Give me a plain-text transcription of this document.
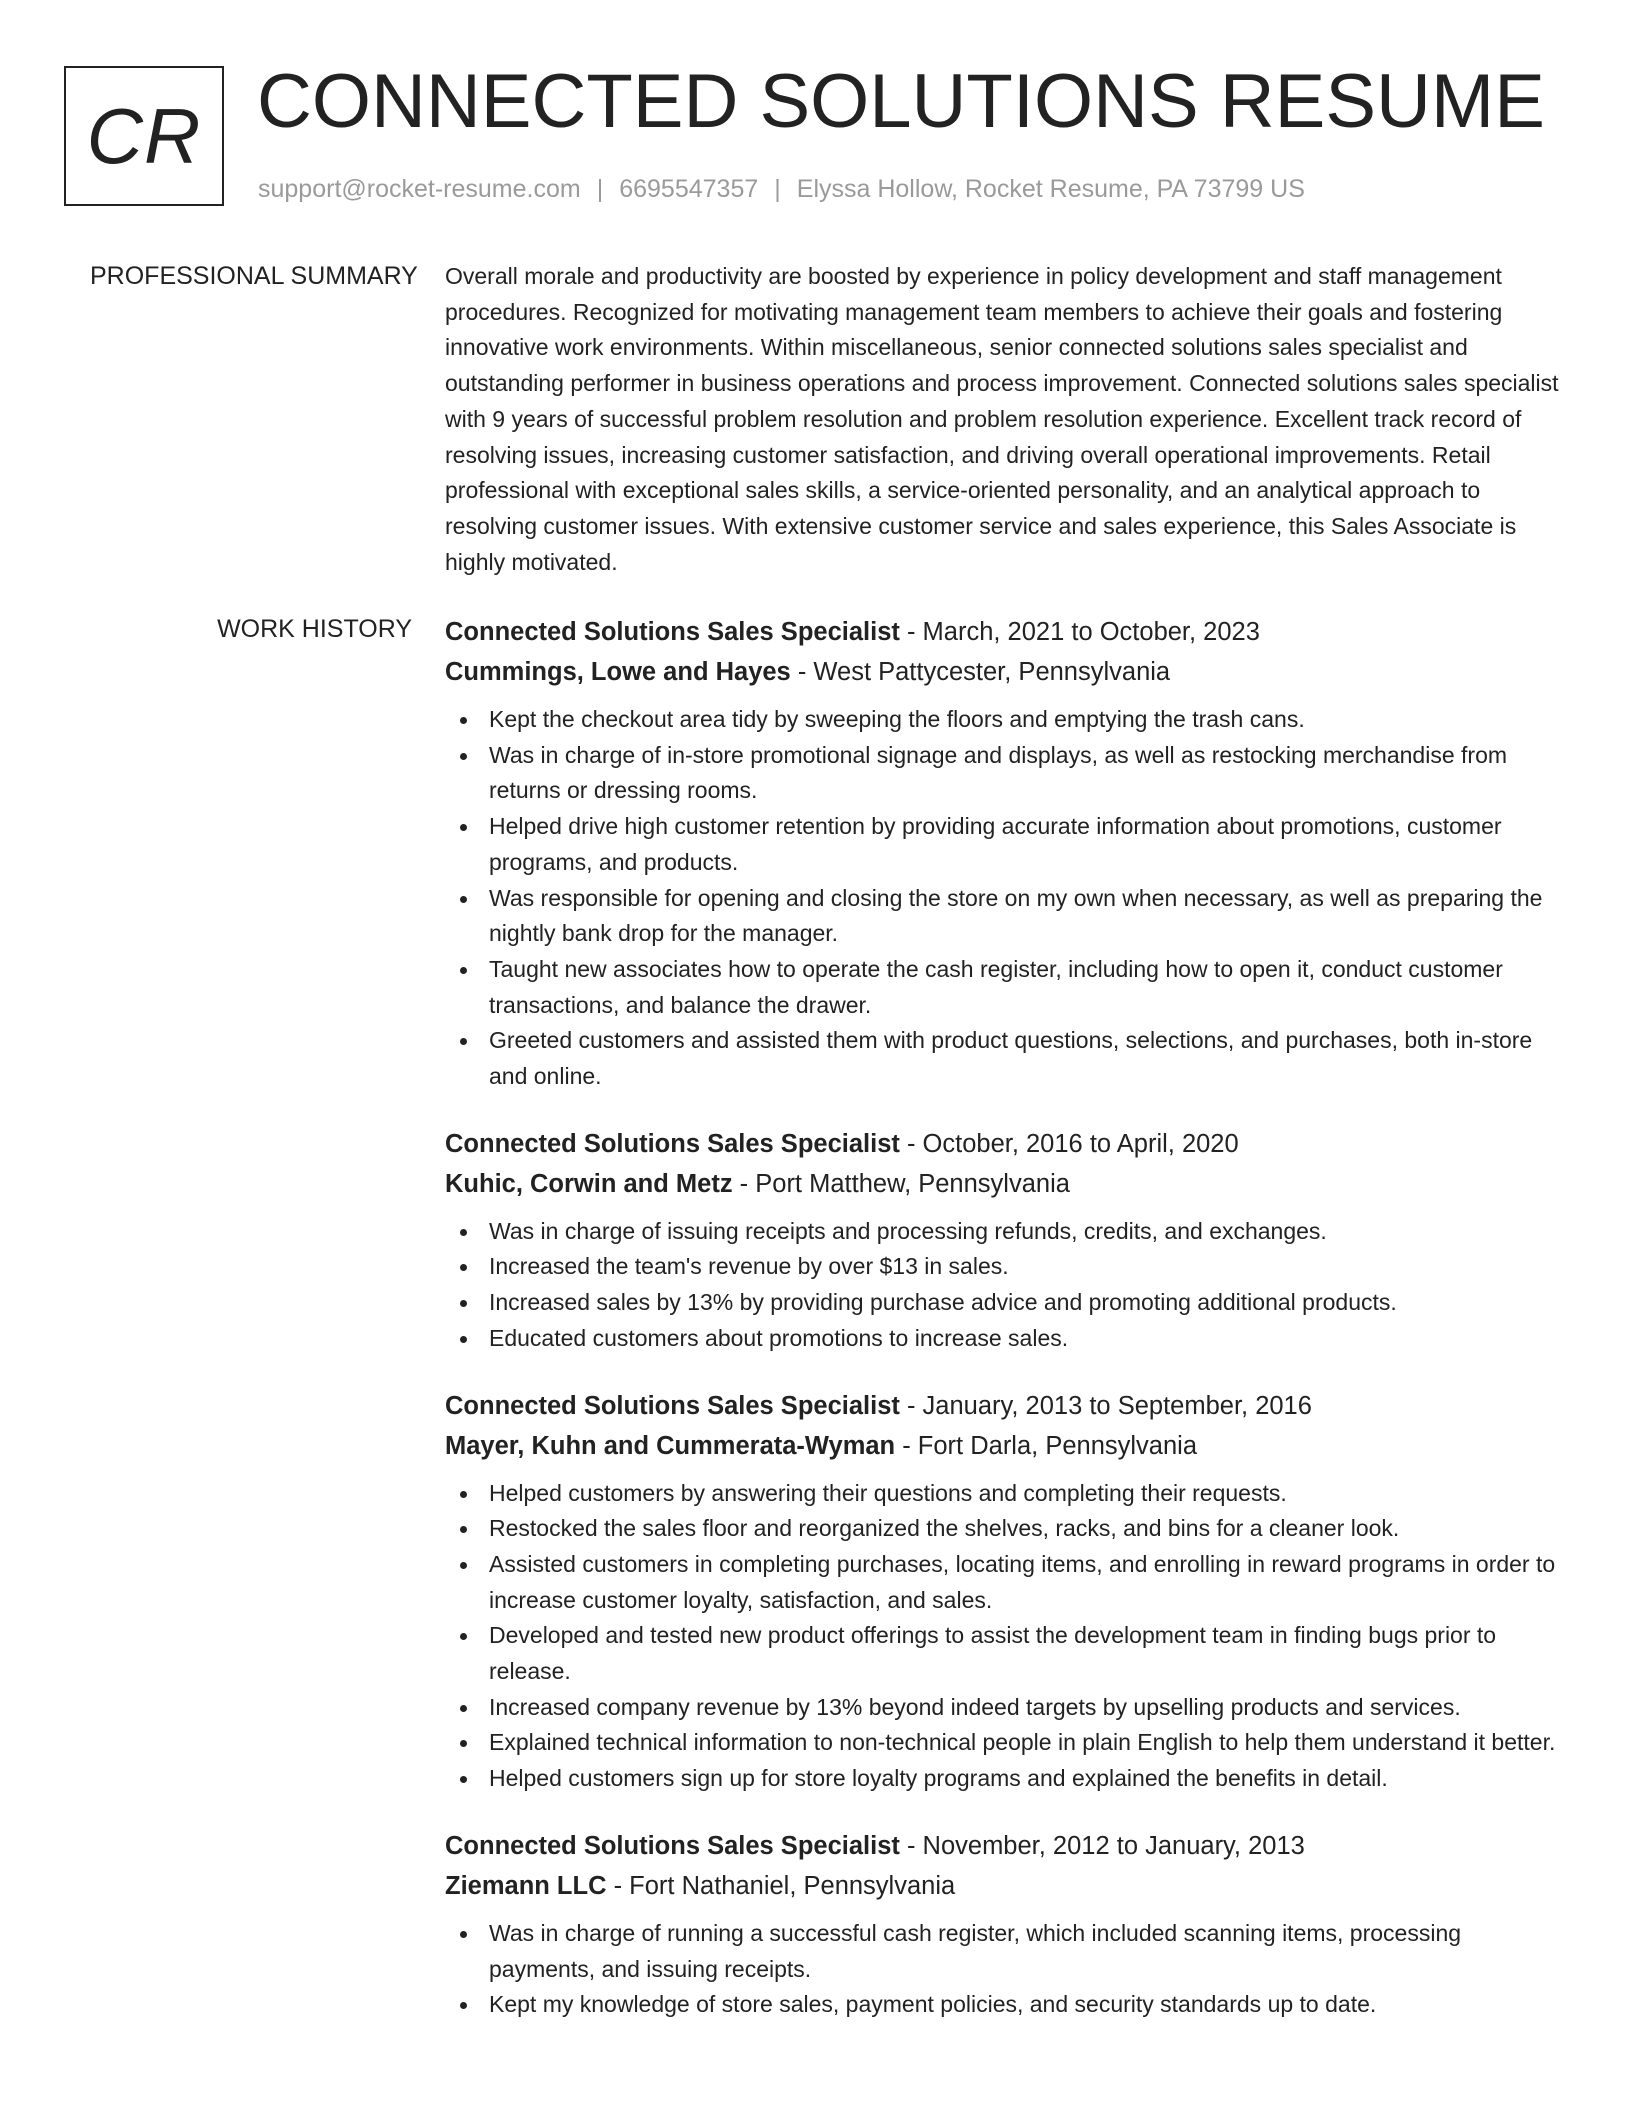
CR CONNECTED SOLUTIONS RESUME
support@rocket-resume.com | 6695547357 | Elyssa Hollow, Rocket Resume, PA 73799 US
PROFESSIONAL SUMMARY Overall morale and productivity are boosted by experience in policy development and staff management procedures. Recognized for motivating management team members to achieve their goals and fostering innovative work environments. Within miscellaneous, senior connected solutions sales specialist and outstanding performer in business operations and process improvement. Connected solutions sales specialist with 9 years of successful problem resolution and problem resolution experience. Excellent track record of resolving issues, increasing customer satisfaction, and driving overall operational improvements. Retail professional with exceptional sales skills, a service-oriented personality, and an analytical approach to resolving customer issues. With extensive customer service and sales experience, this Sales Associate is highly motivated.

WORK HISTORY Connected Solutions Sales Specialist - March, 2021 to October, 2023
Cummings, Lowe and Hayes - West Pattycester, Pennsylvania
Kept the checkout area tidy by sweeping the floors and emptying the trash cans.
Was in charge of in-store promotional signage and displays, as well as restocking merchandise from returns or dressing rooms.
Helped drive high customer retention by providing accurate information about promotions, customer programs, and products.
Was responsible for opening and closing the store on my own when necessary, as well as preparing the nightly bank drop for the manager.
Taught new associates how to operate the cash register, including how to open it, conduct customer transactions, and balance the drawer.
Greeted customers and assisted them with product questions, selections, and purchases, both in-store and online.
Connected Solutions Sales Specialist - October, 2016 to April, 2020
Kuhic, Corwin and Metz - Port Matthew, Pennsylvania
Was in charge of issuing receipts and processing refunds, credits, and exchanges.
Increased the team's revenue by over $13 in sales.
Increased sales by 13% by providing purchase advice and promoting additional products.
Educated customers about promotions to increase sales.
Connected Solutions Sales Specialist - January, 2013 to September, 2016
Mayer, Kuhn and Cummerata-Wyman - Fort Darla, Pennsylvania
Helped customers by answering their questions and completing their requests.
Restocked the sales floor and reorganized the shelves, racks, and bins for a cleaner look.
Assisted customers in completing purchases, locating items, and enrolling in reward programs in order to increase customer loyalty, satisfaction, and sales.
Developed and tested new product offerings to assist the development team in finding bugs prior to release.
Increased company revenue by 13% beyond indeed targets by upselling products and services.
Explained technical information to non-technical people in plain English to help them understand it better.
Helped customers sign up for store loyalty programs and explained the benefits in detail.
Connected Solutions Sales Specialist - November, 2012 to January, 2013
Ziemann LLC - Fort Nathaniel, Pennsylvania
Was in charge of running a successful cash register, which included scanning items, processing payments, and issuing receipts.
Kept my knowledge of store sales, payment policies, and security standards up to date.
